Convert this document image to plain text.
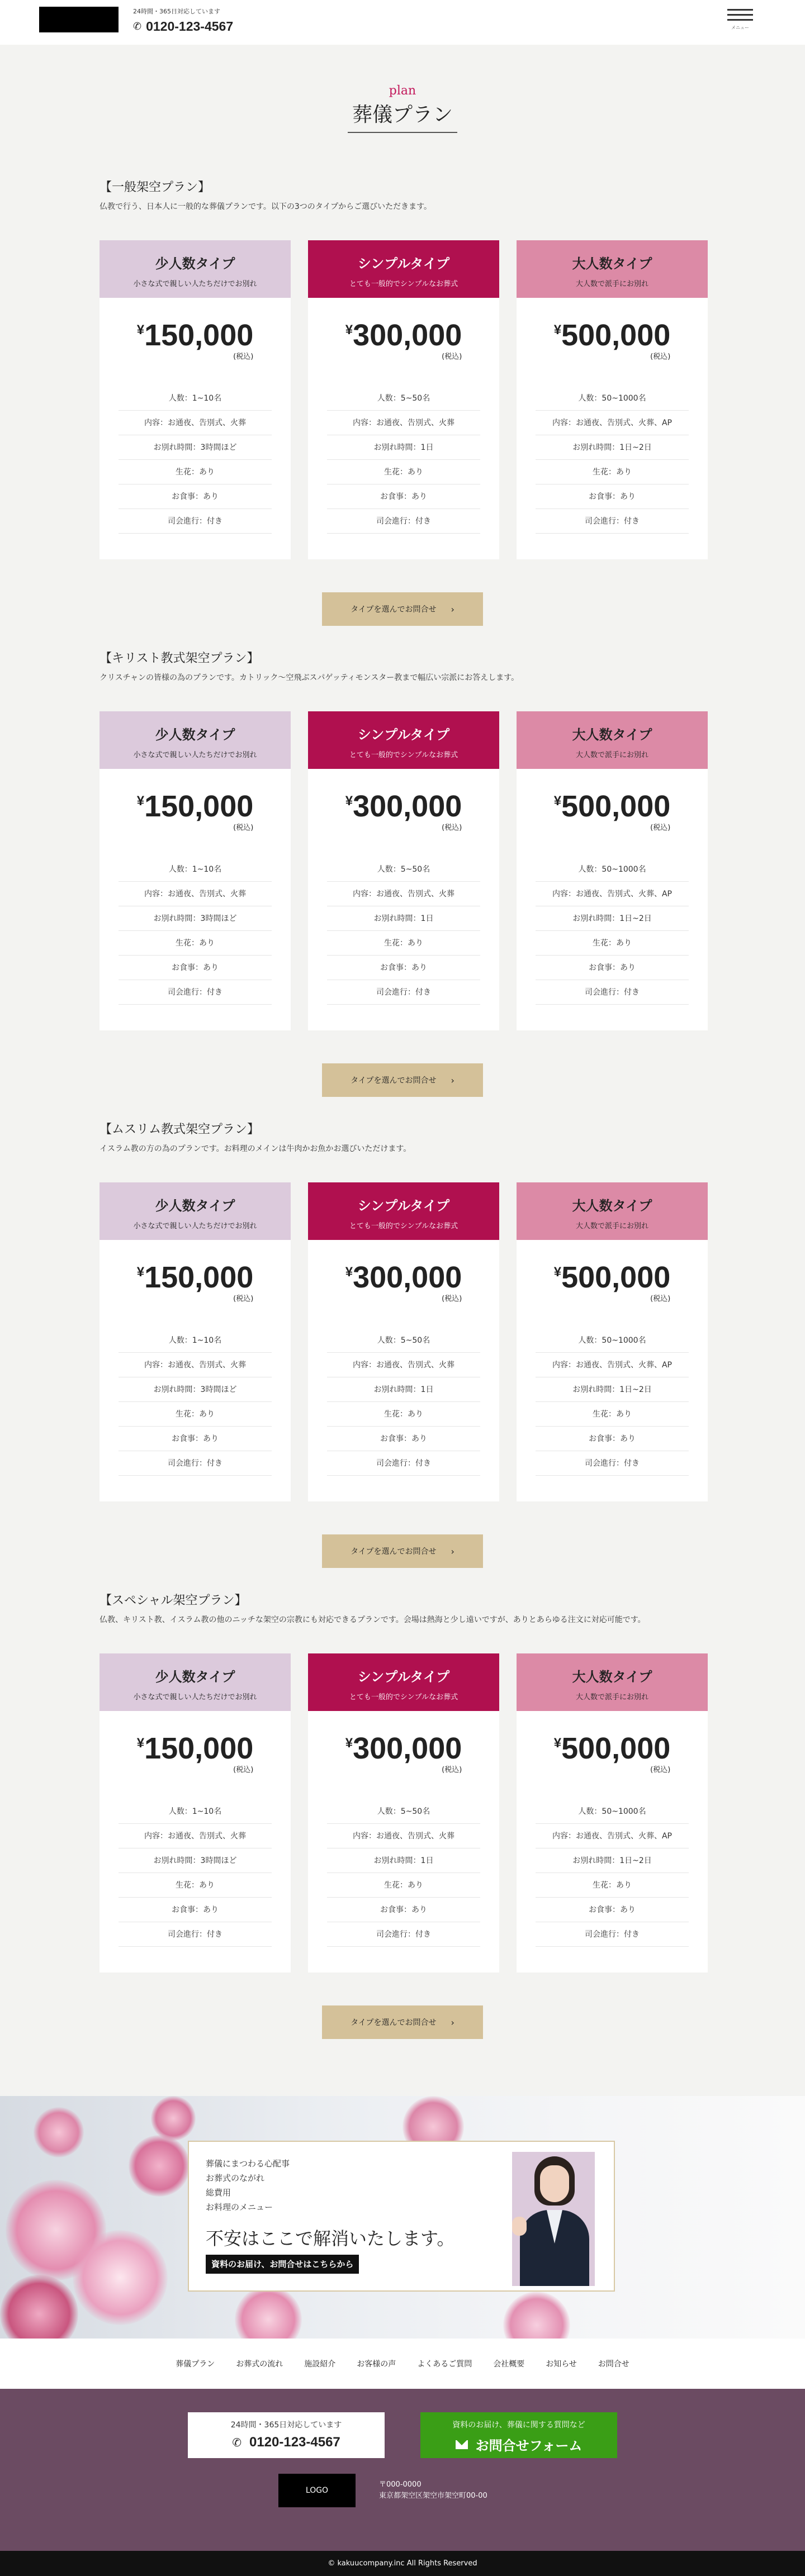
24時間・365日対応しています
✆ 0120-123-4567	メニュー
plan
葬儀プラン
【一般架空プラン】
仏教で行う、日本人に一般的な葬儀プランです。以下の3つのタイプからご選びいただきます。
少人数タイプ
小さな式で親しい人たちだけでお別れ
¥ 150,000
(税込)
人数：1~10名
内容：お通夜、告別式、火葬
お別れ時間：3時間ほど
生花：あり
お食事：あり
司会進行：付き
シンプルタイプ
とても一般的でシンプルなお葬式
¥ 300,000
(税込)
人数：5~50名
内容：お通夜、告別式、火葬
お別れ時間：1日
生花：あり
お食事：あり
司会進行：付き
大人数タイプ
大人数で派手にお別れ
¥ 500,000
(税込)
人数：50~1000名
内容：お通夜、告別式、火葬、AP
お別れ時間：1日~2日
生花：あり
お食事：あり
司会進行：付き
タイプを選んでお問合せ ›
【キリスト教式架空プラン】
クリスチャンの皆様の為のプランです。カトリック〜空飛ぶスパゲッティモンスター教まで幅広い宗派にお答えします。
少人数タイプ
小さな式で親しい人たちだけでお別れ
¥ 150,000
(税込)
人数：1~10名
内容：お通夜、告別式、火葬
お別れ時間：3時間ほど
生花：あり
お食事：あり
司会進行：付き
シンプルタイプ
とても一般的でシンプルなお葬式
¥ 300,000
(税込)
人数：5~50名
内容：お通夜、告別式、火葬
お別れ時間：1日
生花：あり
お食事：あり
司会進行：付き
大人数タイプ
大人数で派手にお別れ
¥ 500,000
(税込)
人数：50~1000名
内容：お通夜、告別式、火葬、AP
お別れ時間：1日~2日
生花：あり
お食事：あり
司会進行：付き
タイプを選んでお問合せ ›
【ムスリム教式架空プラン】
イスラム教の方の為のプランです。お料理のメインは牛肉かお魚かお選びいただけます。
少人数タイプ
小さな式で親しい人たちだけでお別れ
¥ 150,000
(税込)
人数：1~10名
内容：お通夜、告別式、火葬
お別れ時間：3時間ほど
生花：あり
お食事：あり
司会進行：付き
シンプルタイプ
とても一般的でシンプルなお葬式
¥ 300,000
(税込)
人数：5~50名
内容：お通夜、告別式、火葬
お別れ時間：1日
生花：あり
お食事：あり
司会進行：付き
大人数タイプ
大人数で派手にお別れ
¥ 500,000
(税込)
人数：50~1000名
内容：お通夜、告別式、火葬、AP
お別れ時間：1日~2日
生花：あり
お食事：あり
司会進行：付き
タイプを選んでお問合せ ›
【スペシャル架空プラン】
仏教、キリスト教、イスラム教の他のニッチな架空の宗教にも対応できるプランです。会場は熱海と少し遠いですが、ありとあらゆる注文に対応可能です。
少人数タイプ
小さな式で親しい人たちだけでお別れ
¥ 150,000
(税込)
人数：1~10名
内容：お通夜、告別式、火葬
お別れ時間：3時間ほど
生花：あり
お食事：あり
司会進行：付き
シンプルタイプ
とても一般的でシンプルなお葬式
¥ 300,000
(税込)
人数：5~50名
内容：お通夜、告別式、火葬
お別れ時間：1日
生花：あり
お食事：あり
司会進行：付き
大人数タイプ
大人数で派手にお別れ
¥ 500,000
(税込)
人数：50~1000名
内容：お通夜、告別式、火葬、AP
お別れ時間：1日~2日
生花：あり
お食事：あり
司会進行：付き
タイプを選んでお問合せ ›
葬儀にまつわる心配事
お葬式のながれ
総費用
お料理のメニュー
不安はここで解消いたします。
資料のお届け、お問合せはこちらから
葬儀プラン	お葬式の流れ	施設紹介	お客様の声	よくあるご質問	会社概要	お知らせ	お問合せ
24時間・365日対応しています
✆ 0120-123-4567
資料のお届け、葬儀に関する質問など
お問合せフォーム
LOGO
〒000-0000
東京都架空区架空市架空町00-00
© kakuucompany.inc All Rights Reserved
